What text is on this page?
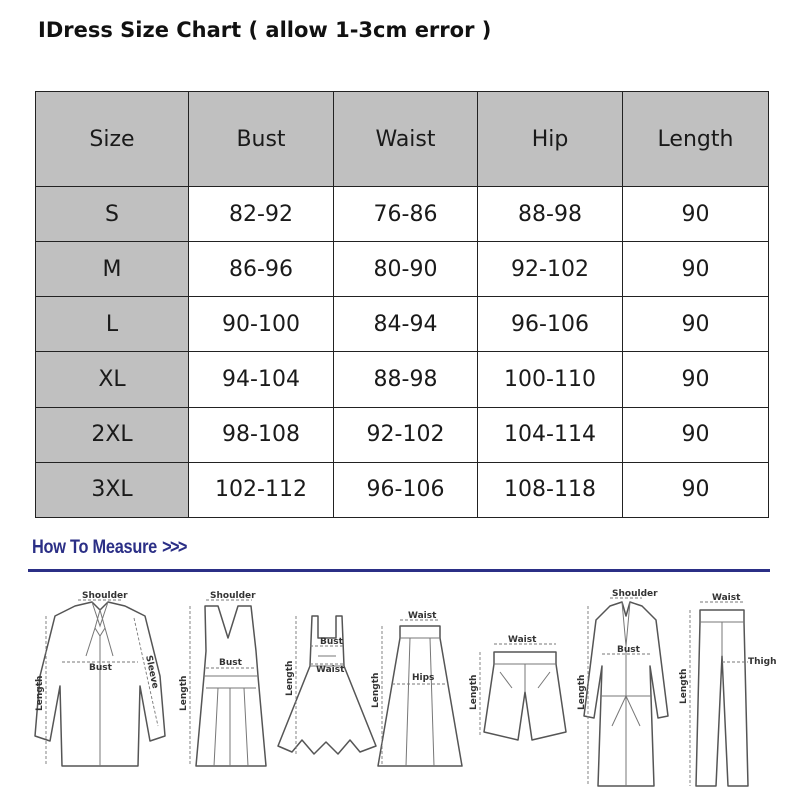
IDress Size Chart ( allow 1-3cm error )
Size	Bust	Waist	Hip	Length
S	82-92	76-86	88-98	90
M	86-96	80-90	92-102	90
L	90-100	84-94	96-106	90
XL	94-104	88-98	100-110	90
2XL	98-108	92-102	104-114	90
3XL	102-112	96-106	108-118	90
How To Measure >>>
Shoulder
Bust	Sleeve
Length
Shoulder
Bust
Length
Bust
Waist
Length
Waist
Hips
Length
Waist
Length
Shoulder
Bust
Length
Waist
Thigh
Length
